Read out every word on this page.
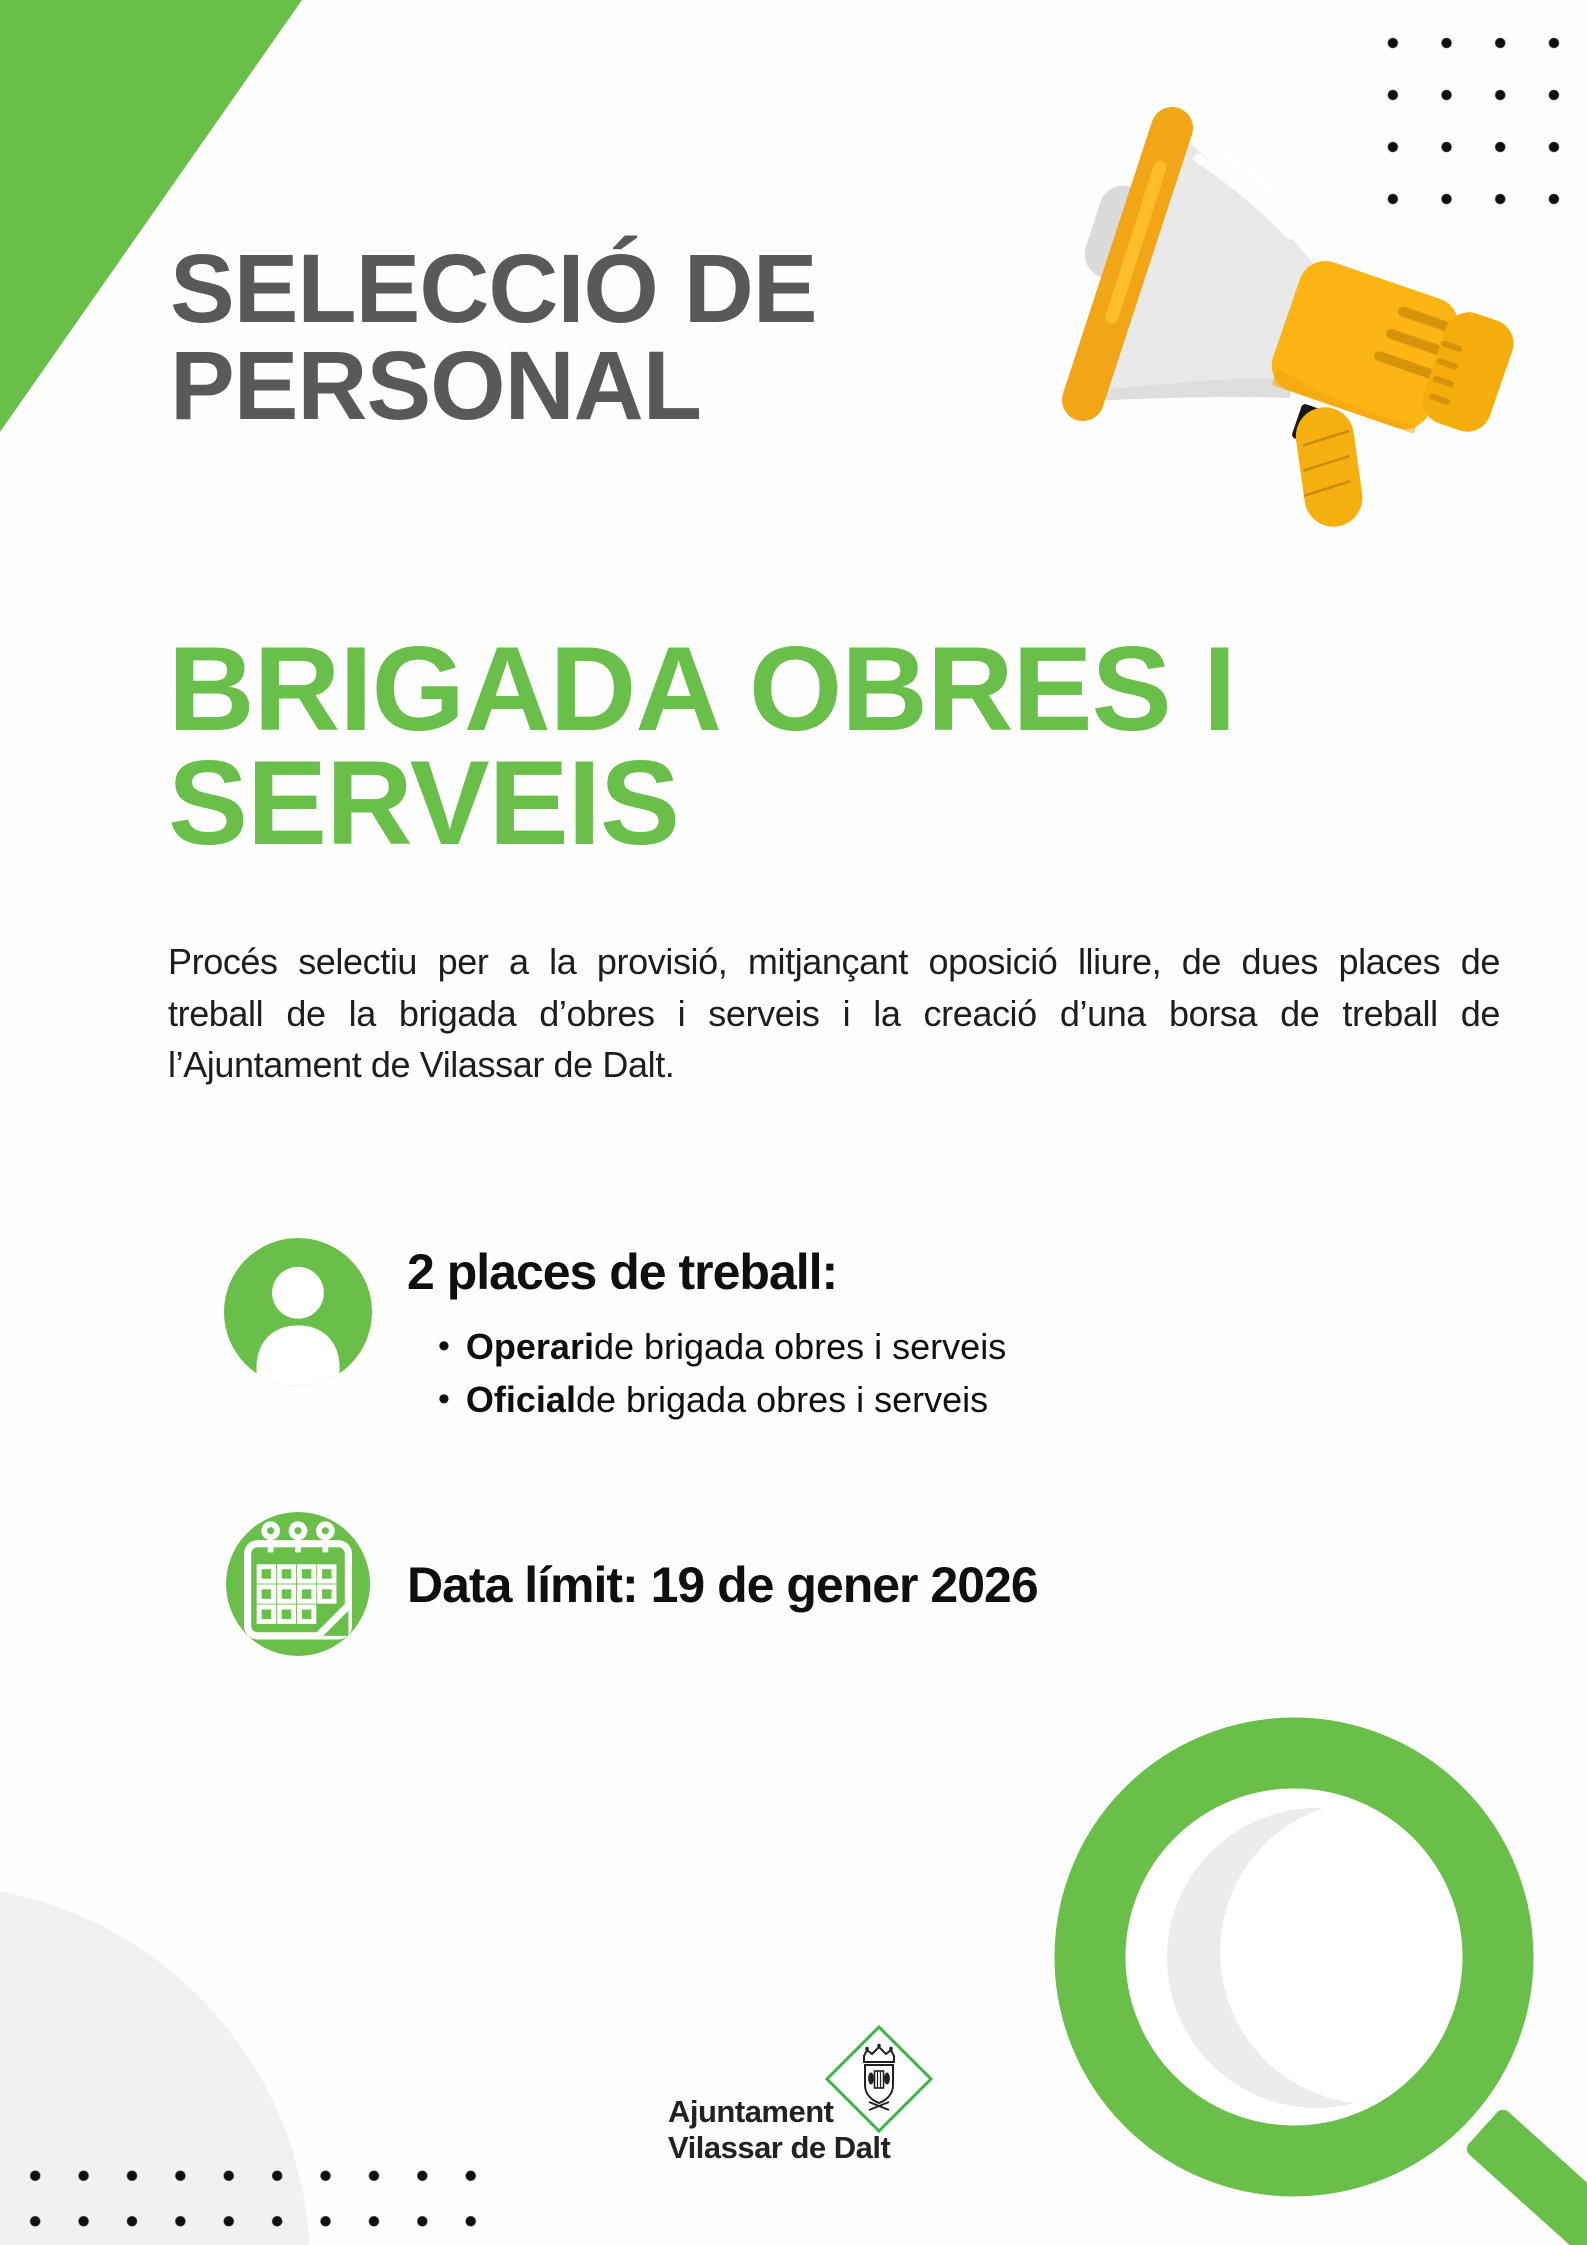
SELECCIÓ DE
PERSONAL
BRIGADA OBRES I
SERVEIS
Procés selectiu per a la provisió, mitjançant oposició lliure, de dues places de
treball de la brigada d’obres i serveis i la creació d’una borsa de treball de
l’Ajuntament de Vilassar de Dalt.
2 places de treball:
• Operari de brigada obres i serveis
• Oficial de brigada obres i serveis
Data límit: 19 de gener 2026
Ajuntament
Vilassar de Dalt
